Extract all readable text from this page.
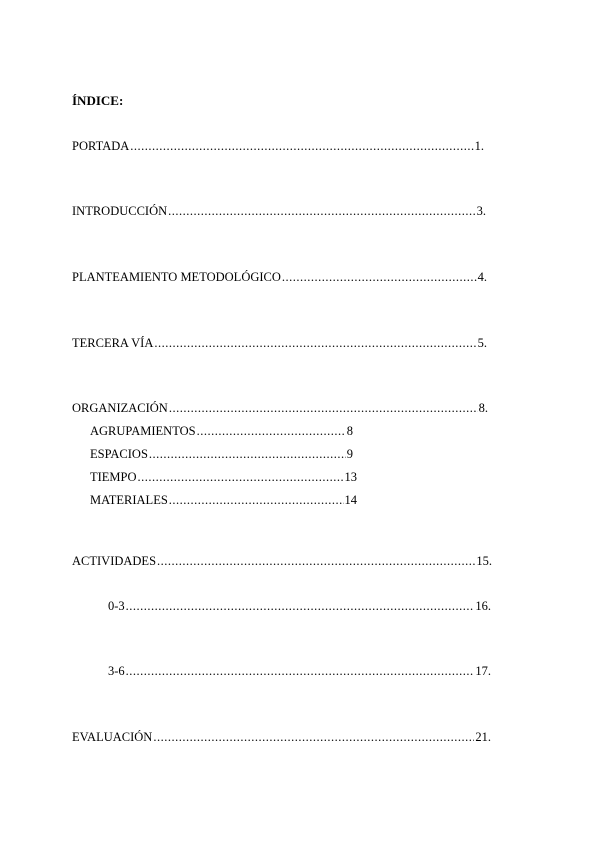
ÍNDICE:
PORTADA .....	1.
INTRODUCCIÓN .....	3.
PLANTEAMIENTO METODOLÓGICO .....	4.
TERCERA VÍA .....	5.
ORGANIZACIÓN .....	8.
AGRUPAMIENTOS .....	8
ESPACIOS .....	9
TIEMPO .....	13
MATERIALES .....	14
ACTIVIDADES .....	15.
0-3 .....	16.
3-6 .....	17.
EVALUACIÓN .....	21.
